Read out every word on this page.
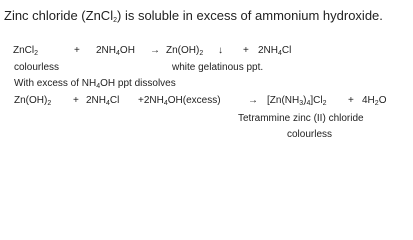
Zinc chloride (ZnCl$_2$) is soluble in excess of ammonium hydroxide.
ZnCl$_2$	+ $2NH_4OH \to Zn(OH)_2$ ↓ + $2NH_4Cl$
colourless	white gelatinous ppt.
With excess of $NH_4OH$ ppt dissolves
$Zn(OH)_2 + 2NH_4Cl$ $+2NH_4OH(excess)$	→ $[Zn(NH_3)_4]Cl_2 + 4H_2O$
Tetrammine zinc (II) chloride
colourless
